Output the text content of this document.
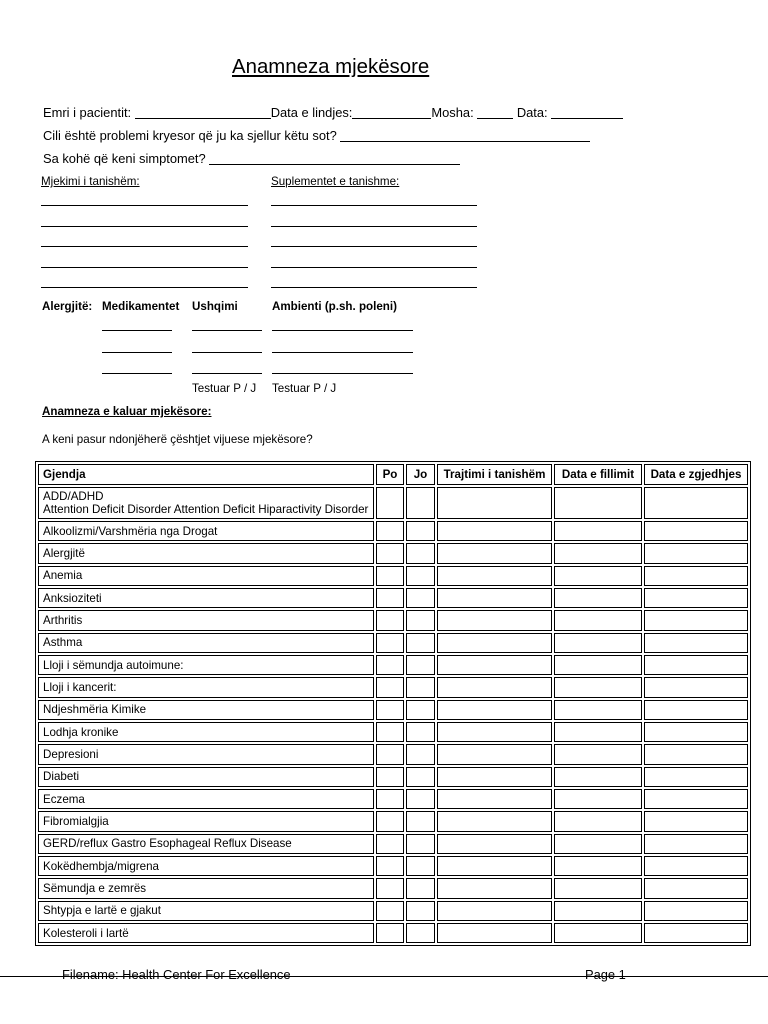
Anamneza mjekësore
Emri i pacientit:	Data e lindjes:	Mosha:	Data:
Cili është problemi kryesor që ju ka sjellur këtu sot?
Sa kohë që keni simptomet?
Mjekimi i tanishëm:	Suplementet e tanishme:
Alergjitë: Medikamentet Ushqimi	Ambienti (p.sh. poleni)
Testuar P / J Testuar P / J
Anamneza e kaluar mjekësore:
A keni pasur ndonjëherë çështjet vijuese mjekësore?
Gjendja	Po	Jo	Trajtimi i tanishëm	Data e fillimit	Data e zgjedhjes

ADD/ADHD
Attention Deficit Disorder Attention Deficit Hiparactivity Disorder					

Alkoolizmi/Varshmëria nga Drogat					

Alergjitë					

Anemia					

Anksioziteti					

Arthritis					

Asthma					

Lloji i sëmundja autoimune:					

Lloji i kancerit:					

Ndjeshmëria Kimike					

Lodhja kronike					

Depresioni					

Diabeti					

Eczema					

Fibromialgjia					

GERD/reflux Gastro Esophageal Reflux Disease					

Kokëdhembja/migrena					

Sëmundja e zemrës					

Shtypja e lartë e gjakut					

Kolesteroli i lartë					

Filename: Health Center For Excellence	Page 1
